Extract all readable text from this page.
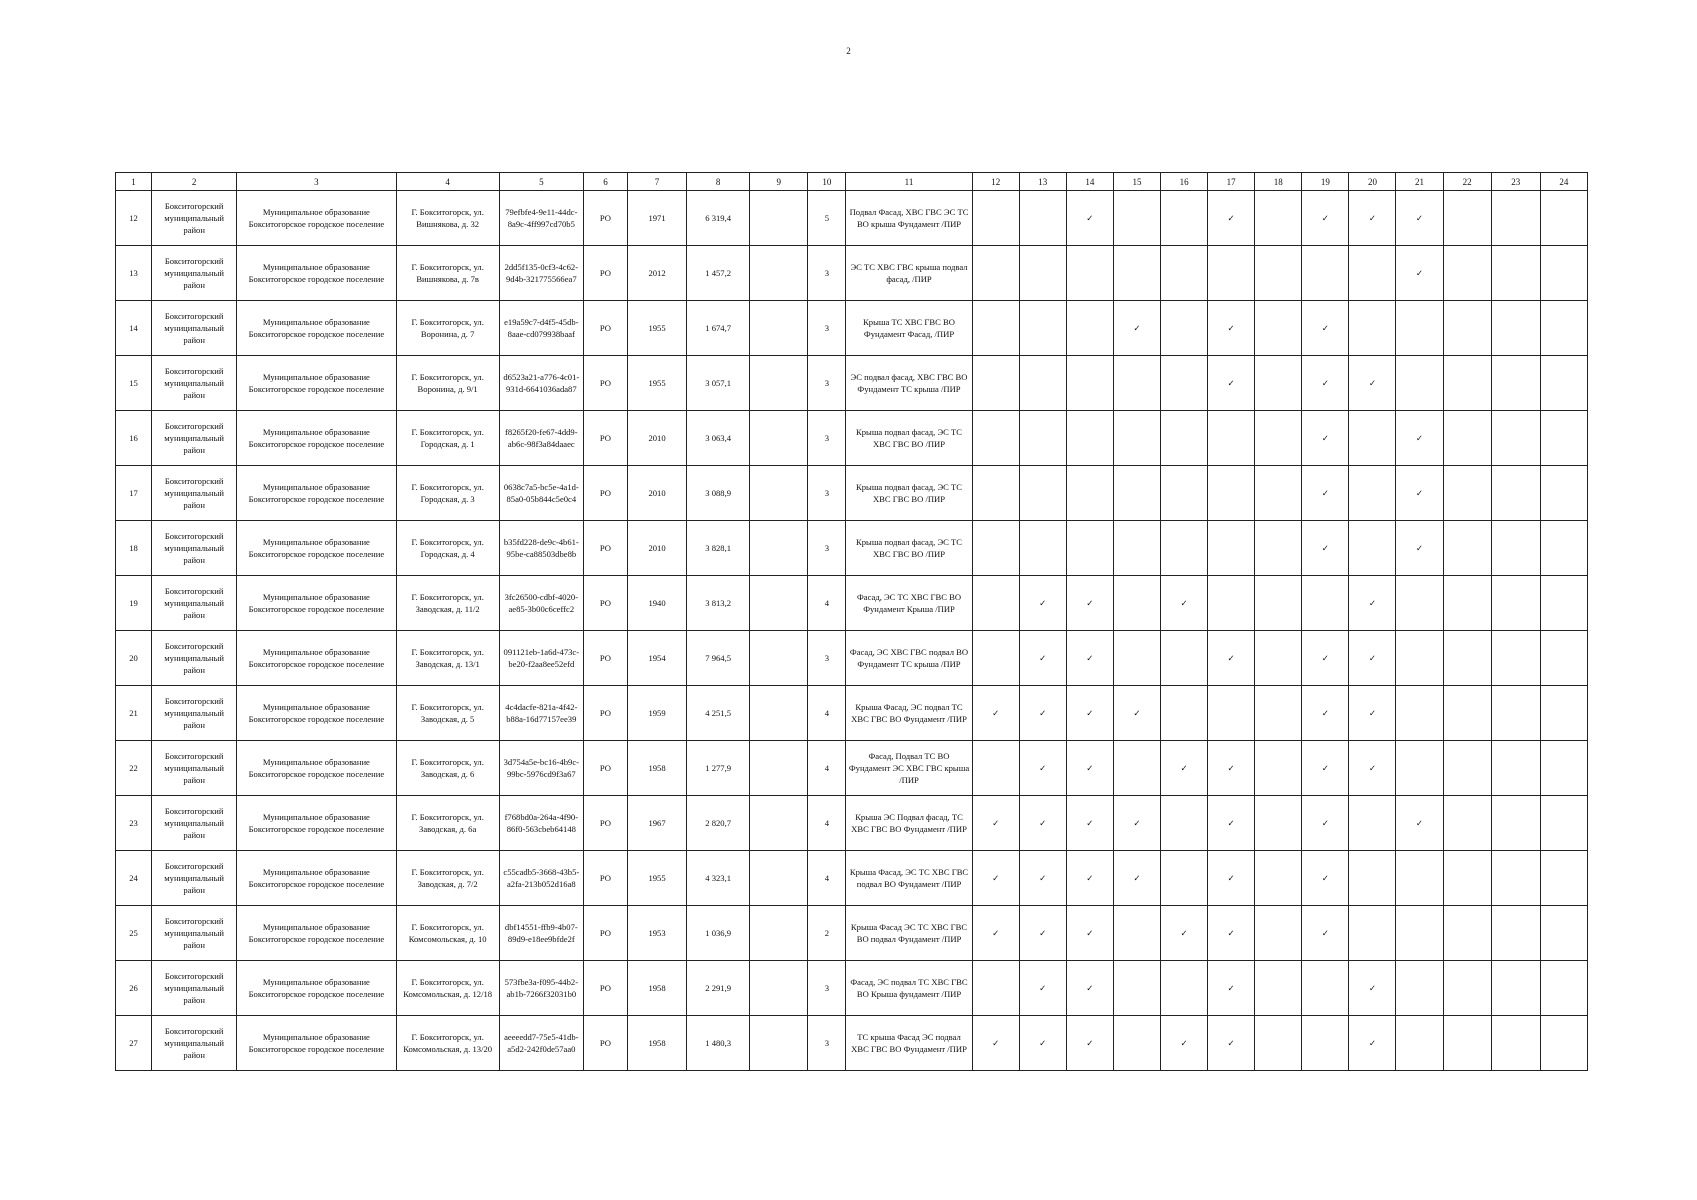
2
1	2	3	4	5	6	7	8	9	10	11	12	13	14	15	16	17	18	19	20	21	22	23	24
12	Бокситогорский муниципальный район	Муниципальное образование Бокситогорское городское поселение	Г. Бокситогорск, ул. Вишнякова, д. 32	79efbfe4-9e11-44dc-8a9c-4ff997cd70b5	РО	1971	6 319,4		5	Подвал Фасад, ХВС ГВС ЭС ТС ВО крыша Фундамент /ПИР			✓			✓		✓	✓	✓			
13	Бокситогорский муниципальный район	Муниципальное образование Бокситогорское городское поселение	Г. Бокситогорск, ул. Вишнякова, д. 7в	2dd5f135-0cf3-4c62-9d4b-321775566ea7	РО	2012	1 457,2		3	ЭС ТС ХВС ГВС крыша подвал фасад, /ПИР										✓			
14	Бокситогорский муниципальный район	Муниципальное образование Бокситогорское городское поселение	Г. Бокситогорск, ул. Воронина, д. 7	e19a59c7-d4f5-45db-8aae-cd079938baaf	РО	1955	1 674,7		3	Крыша ТС ХВС ГВС ВО Фундамент Фасад, /ПИР				✓		✓		✓					
15	Бокситогорский муниципальный район	Муниципальное образование Бокситогорское городское поселение	Г. Бокситогорск, ул. Воронина, д. 9/1	d6523a21-a776-4c01-931d-6641036ada87	РО	1955	3 057,1		3	ЭС подвал фасад, ХВС ГВС ВО Фундамент ТС крыша /ПИР						✓		✓	✓				
16	Бокситогорский муниципальный район	Муниципальное образование Бокситогорское городское поселение	Г. Бокситогорск, ул. Городская, д. 1	f8265f20-fe67-4dd9-ab6c-98f3a84daaec	РО	2010	3 063,4		3	Крыша подвал фасад, ЭС ТС ХВС ГВС ВО /ПИР								✓		✓			
17	Бокситогорский муниципальный район	Муниципальное образование Бокситогорское городское поселение	Г. Бокситогорск, ул. Городская, д. 3	0638c7a5-bc5e-4a1d-85a0-05b844c5e0c4	РО	2010	3 088,9		3	Крыша подвал фасад, ЭС ТС ХВС ГВС ВО /ПИР								✓		✓			
18	Бокситогорский муниципальный район	Муниципальное образование Бокситогорское городское поселение	Г. Бокситогорск, ул. Городская, д. 4	b35fd228-de9c-4b61-95be-ca88503dbe8b	РО	2010	3 828,1		3	Крыша подвал фасад, ЭС ТС ХВС ГВС ВО /ПИР								✓		✓			
19	Бокситогорский муниципальный район	Муниципальное образование Бокситогорское городское поселение	Г. Бокситогорск, ул. Заводская, д. 11/2	3fc26500-cdbf-4020-ae85-3b00c6ceffc2	РО	1940	3 813,2		4	Фасад, ЭС ТС ХВС ГВС ВО Фундамент Крыша /ПИР		✓	✓		✓				✓				
20	Бокситогорский муниципальный район	Муниципальное образование Бокситогорское городское поселение	Г. Бокситогорск, ул. Заводская, д. 13/1	091121eb-1a6d-473c-be20-f2aa8ee52efd	РО	1954	7 964,5		3	Фасад, ЭС ХВС ГВС подвал ВО Фундамент ТС крыша /ПИР		✓	✓			✓		✓	✓				
21	Бокситогорский муниципальный район	Муниципальное образование Бокситогорское городское поселение	Г. Бокситогорск, ул. Заводская, д. 5	4c4dacfe-821a-4f42-b88a-16d77157ee39	РО	1959	4 251,5		4	Крыша Фасад, ЭС подвал ТС ХВС ГВС ВО Фундамент /ПИР	✓	✓	✓	✓				✓	✓				
22	Бокситогорский муниципальный район	Муниципальное образование Бокситогорское городское поселение	Г. Бокситогорск, ул. Заводская, д. 6	3d754a5e-bc16-4b9c-99bc-5976cd9f3a67	РО	1958	1 277,9		4	Фасад, Подвал ТС ВО Фундамент ЭС ХВС ГВС крыша /ПИР		✓	✓		✓	✓		✓	✓				
23	Бокситогорский муниципальный район	Муниципальное образование Бокситогорское городское поселение	Г. Бокситогорск, ул. Заводская, д. 6а	f768bd0a-264a-4f90-86f0-563cbeb64148	РО	1967	2 820,7		4	Крыша ЭС Подвал фасад, ТС ХВС ГВС ВО Фундамент /ПИР	✓	✓	✓	✓		✓		✓		✓			
24	Бокситогорский муниципальный район	Муниципальное образование Бокситогорское городское поселение	Г. Бокситогорск, ул. Заводская, д. 7/2	c55cadb5-3668-43b5-a2fa-213b052d16a8	РО	1955	4 323,1		4	Крыша Фасад, ЭС ТС ХВС ГВС подвал ВО Фундамент /ПИР	✓	✓	✓	✓		✓		✓					
25	Бокситогорский муниципальный район	Муниципальное образование Бокситогорское городское поселение	Г. Бокситогорск, ул. Комсомольская, д. 10	dbf14551-ffb9-4b07-89d9-e18ee9bfde2f	РО	1953	1 036,9		2	Крыша Фасад ЭС ТС ХВС ГВС ВО подвал Фундамент /ПИР	✓	✓	✓		✓	✓		✓					
26	Бокситогорский муниципальный район	Муниципальное образование Бокситогорское городское поселение	Г. Бокситогорск, ул. Комсомольская, д. 12/18	573fbe3a-f095-44b2-ab1b-7266f32031b0	РО	1958	2 291,9		3	Фасад, ЭС подвал ТС ХВС ГВС ВО Крыша фундамент /ПИР		✓	✓			✓			✓				
27	Бокситогорский муниципальный район	Муниципальное образование Бокситогорское городское поселение	Г. Бокситогорск, ул. Комсомольская, д. 13/20	aeeeedd7-75e5-41db-a5d2-242f0de57aa0	РО	1958	1 480,3		3	ТС крыша Фасад ЭС подвал ХВС ГВС ВО Фундамент /ПИР	✓	✓	✓		✓	✓			✓				
